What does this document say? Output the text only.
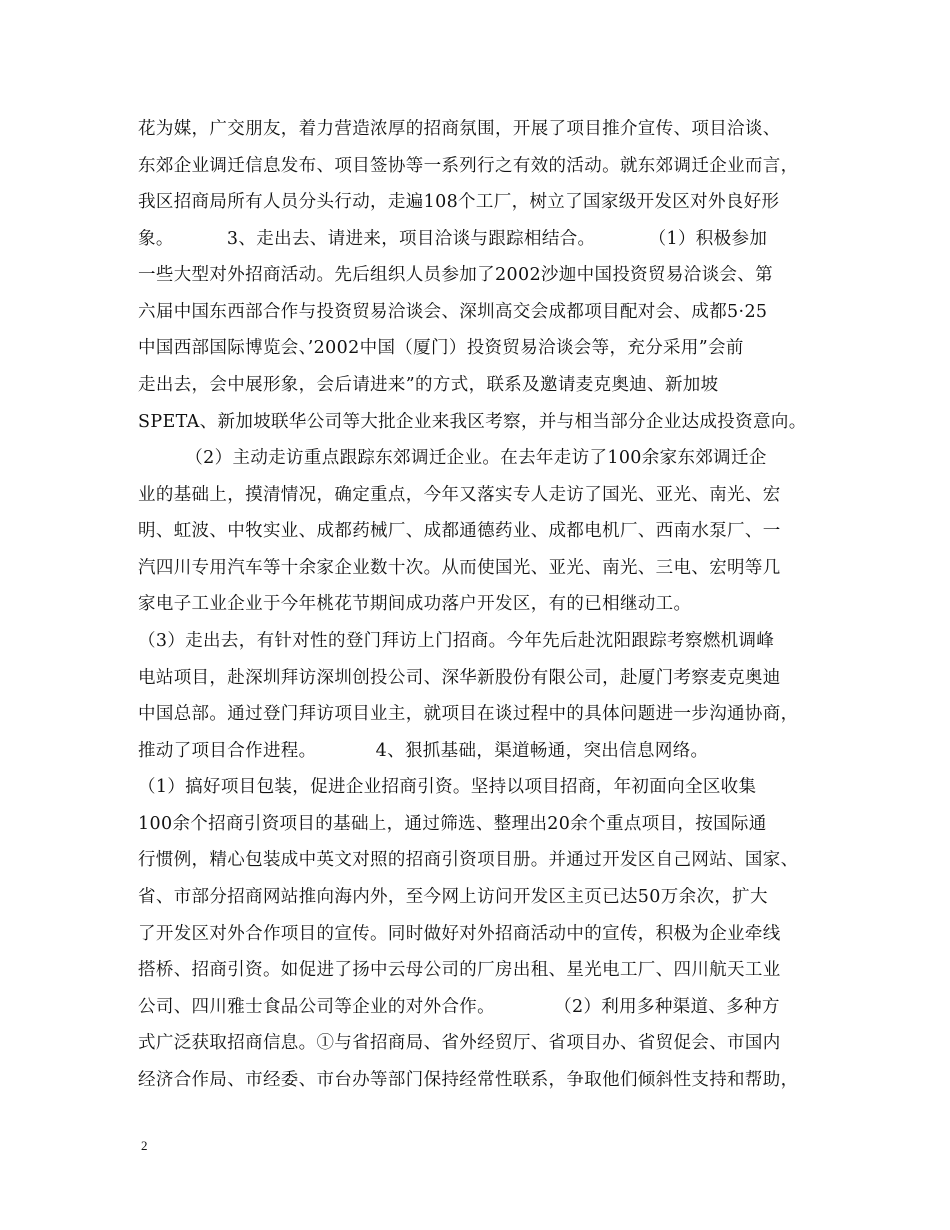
花为媒，广交朋友，着力营造浓厚的招商氛围，开展了项目推介宣传、项目洽谈、

东郊企业调迁信息发布、项目签协等一系列行之有效的活动。就东郊调迁企业而言，

我区招商局所有人员分头行动，走遍108个工厂，树立了国家级开发区对外良好形

象。         3、走出去、请进来，项目洽谈与跟踪相结合。         （1）积极参加

一些大型对外招商活动。先后组织人员参加了2002沙迦中国投资贸易洽谈会、第

六届中国东西部合作与投资贸易洽谈会、深圳高交会成都项目配对会、成都5·25

中国西部国际博览会、’2002中国（厦门）投资贸易洽谈会等，充分采用”会前

走出去，会中展形象，会后请进来”的方式，联系及邀请麦克奥迪、新加坡

SPETA、新加坡联华公司等大批企业来我区考察，并与相当部分企业达成投资意向。

（2）主动走访重点跟踪东郊调迁企业。在去年走访了100余家东郊调迁企

业的基础上，摸清情况，确定重点，今年又落实专人走访了国光、亚光、南光、宏

明、虹波、中牧实业、成都药械厂、成都通德药业、成都电机厂、西南水泵厂、一

汽四川专用汽车等十余家企业数十次。从而使国光、亚光、南光、三电、宏明等几

家电子工业企业于今年桃花节期间成功落户开发区，有的已相继动工。

（3）走出去，有针对性的登门拜访上门招商。今年先后赴沈阳跟踪考察燃机调峰

电站项目，赴深圳拜访深圳创投公司、深华新股份有限公司，赴厦门考察麦克奥迪

中国总部。通过登门拜访项目业主，就项目在谈过程中的具体问题进一步沟通协商，

推动了项目合作进程。          4、狠抓基础，渠道畅通，突出信息网络。

（1）搞好项目包装，促进企业招商引资。坚持以项目招商，年初面向全区收集

100余个招商引资项目的基础上，通过筛选、整理出20余个重点项目，按国际通

行惯例，精心包装成中英文对照的招商引资项目册。并通过开发区自己网站、国家、

省、市部分招商网站推向海内外，至今网上访问开发区主页已达50万余次，扩大

了开发区对外合作项目的宣传。同时做好对外招商活动中的宣传，积极为企业牵线

搭桥、招商引资。如促进了扬中云母公司的厂房出租、星光电工厂、四川航天工业

公司、四川雅士食品公司等企业的对外合作。          （2）利用多种渠道、多种方

式广泛获取招商信息。①与省招商局、省外经贸厅、省项目办、省贸促会、市国内

经济合作局、市经委、市台办等部门保持经常性联系，争取他们倾斜性支持和帮助，

2
